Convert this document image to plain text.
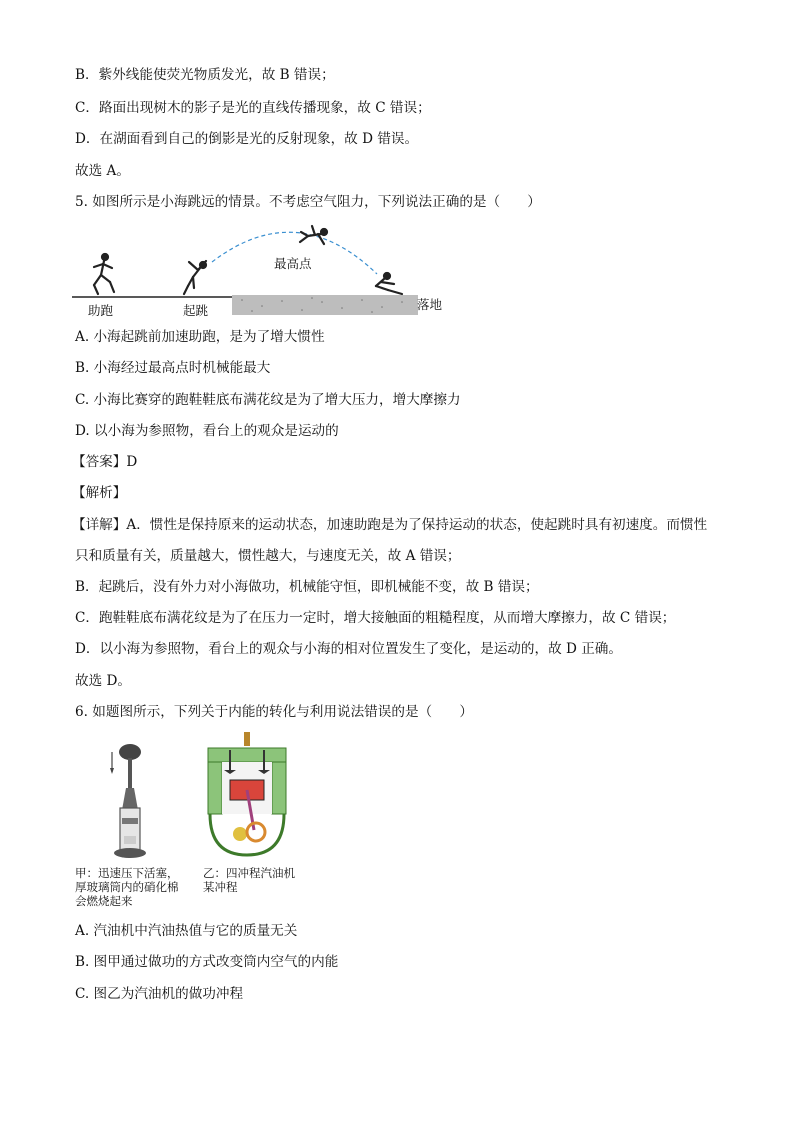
B．紫外线能使荧光物质发光，故 B 错误；
C．路面出现树木的影子是光的直线传播现象，故 C 错误；
D．在湖面看到自己的倒影是光的反射现象，故 D 错误。
故选 A。
5. 如图所示是小海跳远的情景。不考虑空气阻力，下列说法正确的是（　　）
最高点
助跑	起跳	落地
A. 小海起跳前加速助跑，是为了增大惯性
B. 小海经过最高点时机械能最大
C. 小海比赛穿的跑鞋鞋底布满花纹是为了增大压力，增大摩擦力
D. 以小海为参照物，看台上的观众是运动的
【答案】D
【解析】
【详解】A．惯性是保持原来的运动状态，加速助跑是为了保持运动的状态，使起跳时具有初速度。而惯性
只和质量有关，质量越大，惯性越大，与速度无关，故 A 错误；
B．起跳后，没有外力对小海做功，机械能守恒，即机械能不变，故 B 错误；
C．跑鞋鞋底布满花纹是为了在压力一定时，增大接触面的粗糙程度，从而增大摩擦力，故 C 错误；
D．以小海为参照物，看台上的观众与小海的相对位置发生了变化，是运动的，故 D 正确。
故选 D。
6. 如题图所示，下列关于内能的转化与利用说法错误的是（　　）
甲：迅速压下活塞，厚玻璃筒内的硝化棉会燃烧起来
乙：四冲程汽油机某冲程
A. 汽油机中汽油热值与它的质量无关
B. 图甲通过做功的方式改变筒内空气的内能
C. 图乙为汽油机的做功冲程
